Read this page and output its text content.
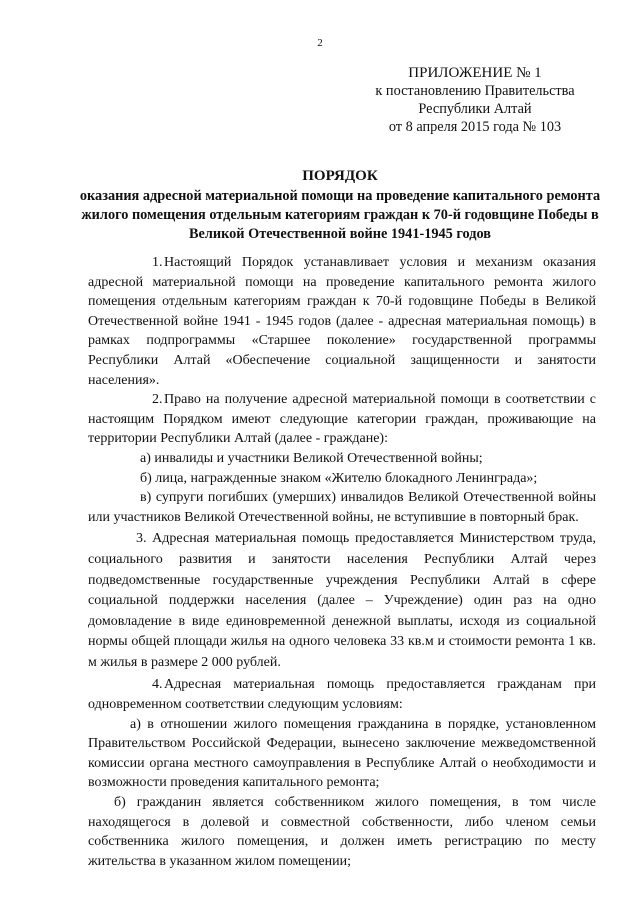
2
ПРИЛОЖЕНИЕ № 1
к постановлению Правительства
Республики Алтай
от 8 апреля 2015 года № 103
ПОРЯДОК
оказания адресной материальной помощи на проведение капитального ремонта жилого помещения отдельным категориям граждан к 70-й годовщине Победы в Великой Отечественной войне 1941-1945 годов

1. Настоящий Порядок устанавливает условия и механизм оказания адресной материальной помощи на проведение капитального ремонта жилого помещения отдельным категориям граждан к 70-й годовщине Победы в Великой Отечественной войне 1941 - 1945 годов (далее - адресная материальная помощь) в рамках подпрограммы «Старшее поколение» государственной программы Республики Алтай «Обеспечение социальной защищенности и занятости населения».

2. Право на получение адресной материальной помощи в соответствии с настоящим Порядком имеют следующие категории граждан, проживающие на территории Республики Алтай (далее - граждане):

а) инвалиды и участники Великой Отечественной войны;

б) лица, награжденные знаком «Жителю блокадного Ленинграда»;

в) супруги погибших (умерших) инвалидов Великой Отечественной войны или участников Великой Отечественной войны, не вступившие в повторный брак.

3. Адресная материальная помощь предоставляется Министерством труда, социального развития и занятости населения Республики Алтай через подведомственные государственные учреждения Республики Алтай в сфере социальной поддержки населения (далее – Учреждение) один раз на одно домовладение в виде единовременной денежной выплаты, исходя из социальной нормы общей площади жилья на одного человека 33 кв.м и стоимости ремонта 1 кв. м жилья в размере 2 000 рублей.

4. Адресная материальная помощь предоставляется гражданам при одновременном соответствии следующим условиям:

а) в отношении жилого помещения гражданина в порядке, установленном Правительством Российской Федерации, вынесено заключение межведомственной комиссии органа местного самоуправления в Республике Алтай о необходимости и возможности проведения капитального ремонта;

б) гражданин является собственником жилого помещения, в том числе находящегося в долевой и совместной собственности, либо членом семьи собственника жилого помещения, и должен иметь регистрацию по месту жительства в указанном жилом помещении;
